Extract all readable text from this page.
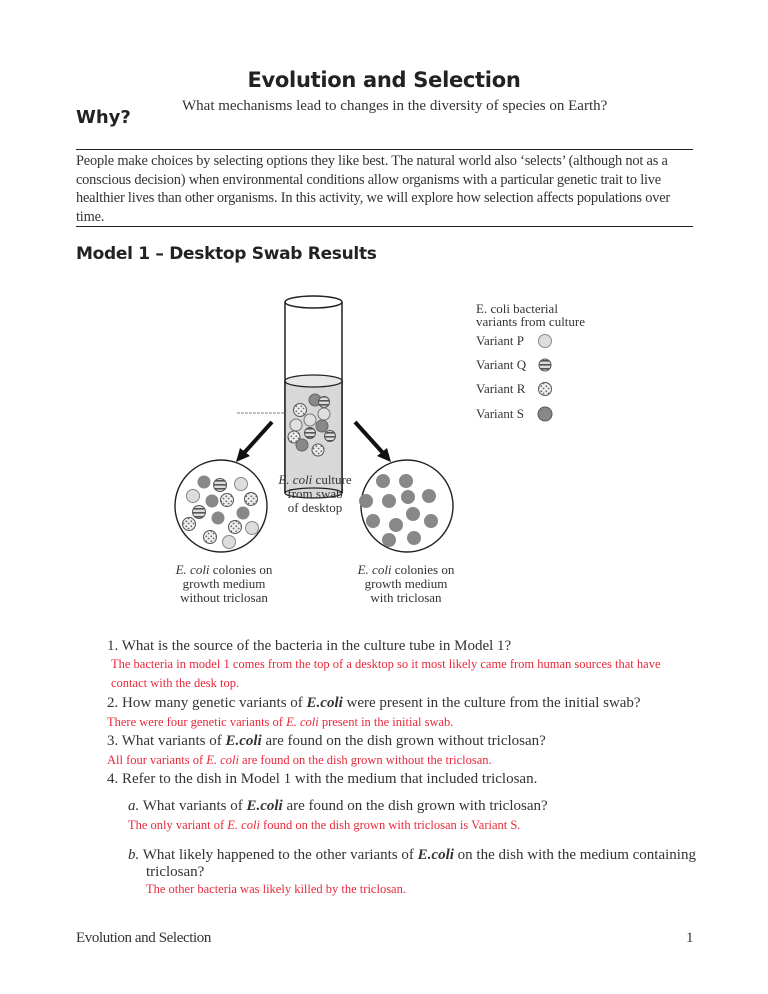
Evolution and Selection
What mechanisms lead to changes in the diversity of species on Earth?
Why?
People make choices by selecting options they like best. The natural world also ‘selects’ (although not as a conscious decision) when environmental conditions allow organisms with a particular genetic trait to live healthier lives than other organisms. In this activity, we will explore how selection affects populations over time.
Model 1 – Desktop Swab Results
E. coli bacterial
variants from culture
Variant P
Variant Q
Variant R
Variant S
E. coli culture
from swab
of desktop
E. coli colonies on
growth medium
without triclosan
E. coli colonies on
growth medium
with triclosan
1. What is the source of the bacteria in the culture tube in Model 1?
The bacteria in model 1 comes from the top of a desktop so it most likely came from human sources that have
contact with the desk top.
2. How many genetic variants of E.coli were present in the culture from the initial swab?
There were four genetic variants of E. coli present in the initial swab.
3. What variants of E.coli are found on the dish grown without triclosan?
All four variants of E. coli are found on the dish grown without the triclosan.
4. Refer to the dish in Model 1 with the medium that included triclosan.
a. What variants of E.coli are found on the dish grown with triclosan?
The only variant of E. coli found on the dish grown with triclosan is Variant S.
b. What likely happened to the other variants of E.coli on the dish with the medium containing
triclosan?
The other bacteria was likely killed by the triclosan.
Evolution and Selection	1
